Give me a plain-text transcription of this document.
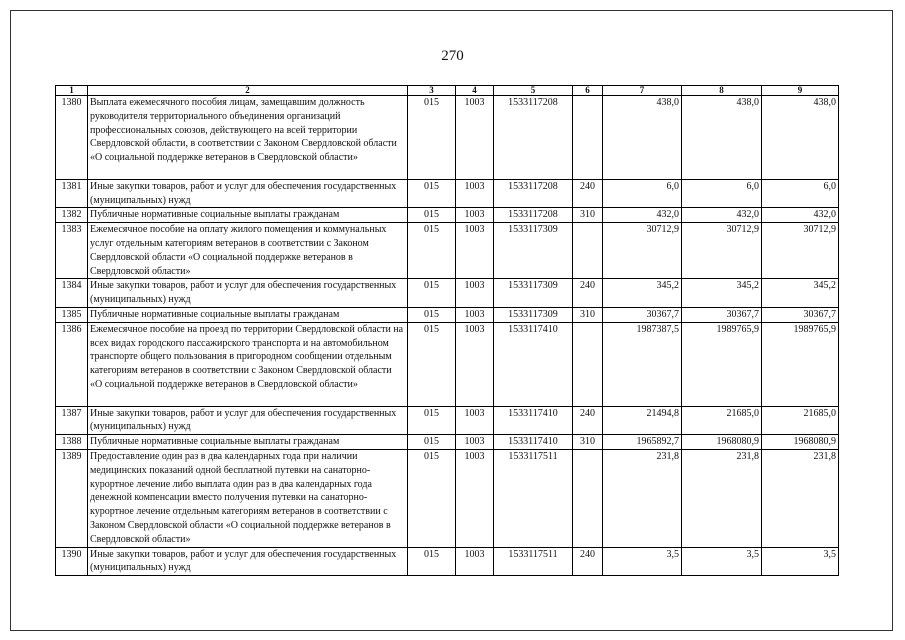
270
1	2	3	4	5	6	7	8	9
1380	Выплата ежемесячного пособия лицам, замещавшим должность руководителя территориального объединения организаций профессиональных союзов, действующего на всей территории Свердловской области, в соответствии с Законом Свердловской области «О социальной поддержке ветеранов в Свердловской области»	015	1003	1533117208		438,0	438,0	438,0
1381	Иные закупки товаров, работ и услуг для обеспечения государственных (муниципальных) нужд	015	1003	1533117208	240	6,0	6,0	6,0
1382	Публичные нормативные социальные выплаты гражданам	015	1003	1533117208	310	432,0	432,0	432,0
1383	Ежемесячное пособие на оплату жилого помещения и коммунальных услуг отдельным категориям ветеранов в соответствии с Законом Свердловской области «О социальной поддержке ветеранов в Свердловской области»	015	1003	1533117309		30712,9	30712,9	30712,9
1384	Иные закупки товаров, работ и услуг для обеспечения государственных (муниципальных) нужд	015	1003	1533117309	240	345,2	345,2	345,2
1385	Публичные нормативные социальные выплаты гражданам	015	1003	1533117309	310	30367,7	30367,7	30367,7
1386	Ежемесячное пособие на проезд по территории Свердловской области на всех видах городского пассажирского транспорта и на автомобильном транспорте общего пользования в пригородном сообщении отдельным категориям ветеранов в соответствии с Законом Свердловской области «О социальной поддержке ветеранов в Свердловской области»	015	1003	1533117410		1987387,5	1989765,9	1989765,9
1387	Иные закупки товаров, работ и услуг для обеспечения государственных (муниципальных) нужд	015	1003	1533117410	240	21494,8	21685,0	21685,0
1388	Публичные нормативные социальные выплаты гражданам	015	1003	1533117410	310	1965892,7	1968080,9	1968080,9
1389	Предоставление один раз в два календарных года при наличии медицинских показаний одной бесплатной путевки на санаторно-курортное лечение либо выплата один раз в два календарных года денежной компенсации вместо получения путевки на санаторно-курортное лечение отдельным категориям ветеранов в соответствии с Законом Свердловской области «О социальной поддержке ветеранов в Свердловской области»	015	1003	1533117511		231,8	231,8	231,8
1390	Иные закупки товаров, работ и услуг для обеспечения государственных (муниципальных) нужд	015	1003	1533117511	240	3,5	3,5	3,5
